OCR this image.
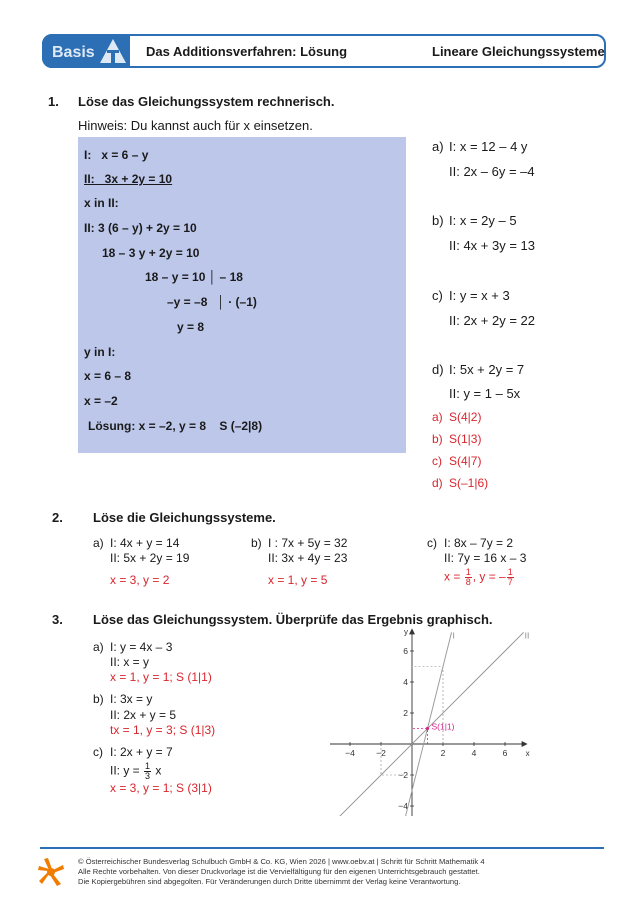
Basis	Das Additionsverfahren: Lösung	Lineare Gleichungssysteme
1. Löse das Gleichungssystem rechnerisch.
Hinweis: Du kannst auch für x einsetzen.
I:   x = 6 – y
II:   3x + 2y = 10
x in II:
II: 3 (6 – y) + 2y = 10
18 – 3 y + 2y = 10
18 – y = 10 │ – 18
–y = –8   │ · (–1)
y = 8
y in I:
x = 6 – 8
x = –2
Lösung: x = –2, y = 8    S (–2|8)
a) I: x = 12 – 4 y
II: 2x – 6y = –4
b) I: x = 2y – 5
II: 4x + 3y = 13
c) I: y = x + 3
II: 2x + 2y = 22
d) I: 5x + 2y = 7
II: y = 1 – 5x
a) S(4|2)
b) S(1|3)
c) S(4|7)
d) S(–1|6)
2. Löse die Gleichungssysteme.
a) I: 4x + y = 14
II: 5x + 2y = 19
x = 3, y = 2
b) I : 7x + 5y = 32
II: 3x + 4y = 23
x = 1, y = 5
c) I: 8x – 7y = 2
II: 7y = 16 x – 3
$x = \frac{1}{8}$ , y = – $\frac{1}{7}$
3. Löse das Gleichungssystem. Überprüfe das Ergebnis graphisch.
a) I: y = 4x – 3
II: x = y
x = 1, y = 1; S (1|1)
b) I: 3x = y
II: 2x + y = 5
tx = 1, y = 3; S (1|3)
c) I: 2x + y = 7
II: $y = \frac{1}{3}$ x
x = 3, y = 1; S (3|1)
x
y
−4	−2	2	4	6
−4
−2
2
4
6
I	II
S(1|1)
© Österreichischer Bundesverlag Schulbuch GmbH & Co. KG, Wien 2026 | www.oebv.at | Schritt für Schritt Mathematik 4
Alle Rechte vorbehalten. Von dieser Druckvorlage ist die Vervielfältigung für den eigenen Unterrichtsgebrauch gestattet.
Die Kopiergebühren sind abgegolten. Für Veränderungen durch Dritte übernimmt der Verlag keine Verantwortung.
